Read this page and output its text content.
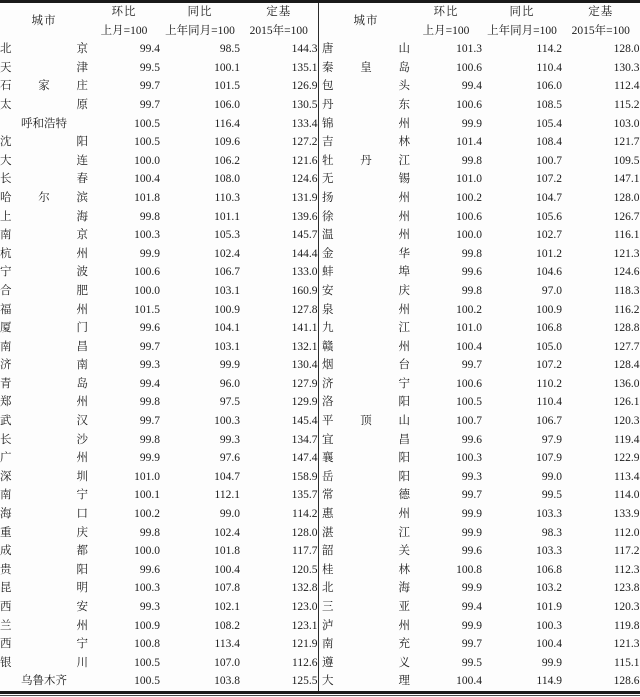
城市	环比	同比	定基
	上月=100	上年同月=100	2015年=100
北京	99.4	98.5	144.3
天津	99.5	100.1	135.1
石家庄	99.7	101.5	126.9
太原	99.7	106.0	130.5
呼和浩特	100.5	116.4	133.4
沈阳	100.5	109.6	127.2
大连	100.0	106.2	121.6
长春	100.4	108.0	124.6
哈尔滨	101.8	110.3	131.9
上海	99.8	101.1	139.6
南京	100.3	105.3	145.7
杭州	99.9	102.4	144.4
宁波	100.6	106.7	133.0
合肥	100.0	103.1	160.9
福州	101.5	100.9	127.8
厦门	99.6	104.1	141.1
南昌	99.7	103.1	132.1
济南	99.3	99.9	130.4
青岛	99.4	96.0	127.9
郑州	99.8	97.5	129.9
武汉	99.7	100.3	145.4
长沙	99.8	99.3	134.7
广州	99.9	97.6	147.4
深圳	101.0	104.7	158.9
南宁	100.1	112.1	135.7
海口	100.2	99.0	114.2
重庆	99.8	102.4	128.0
成都	100.0	101.8	117.7
贵阳	99.6	100.4	120.5
昆明	100.3	107.8	132.8
西安	99.3	102.1	123.0
兰州	100.9	108.2	123.1
西宁	100.8	113.4	121.9
银川	100.5	107.0	112.6
乌鲁木齐	100.5	103.8	125.5
城市	环比	同比	定基
	上月=100	上年同月=100	2015年=100
唐山	101.3	114.2	128.0
秦皇岛	100.6	110.4	130.3
包头	99.4	106.0	112.4
丹东	100.6	108.5	115.2
锦州	99.9	105.4	103.0
吉林	101.4	108.4	121.7
牡丹江	99.8	100.7	109.5
无锡	101.0	107.2	147.1
扬州	100.2	104.7	128.0
徐州	100.6	105.6	126.7
温州	100.0	102.7	116.1
金华	99.8	101.2	121.3
蚌埠	99.6	104.6	124.6
安庆	99.8	97.0	118.3
泉州	100.2	100.9	116.2
九江	101.0	106.8	128.8
赣州	100.4	105.0	127.7
烟台	99.7	107.2	128.4
济宁	100.6	110.2	136.0
洛阳	100.5	110.4	126.1
平顶山	100.7	106.7	120.3
宜昌	99.6	97.9	119.4
襄阳	100.3	107.9	122.9
岳阳	99.3	99.0	113.4
常德	99.7	99.5	114.0
惠州	99.9	103.3	133.9
湛江	99.9	98.3	112.0
韶关	99.6	103.3	117.2
桂林	100.8	106.8	112.3
北海	99.9	103.2	123.8
三亚	99.4	101.9	120.3
泸州	99.9	100.3	119.8
南充	99.7	100.4	121.3
遵义	99.5	99.9	115.1
大理	100.4	114.9	128.6
